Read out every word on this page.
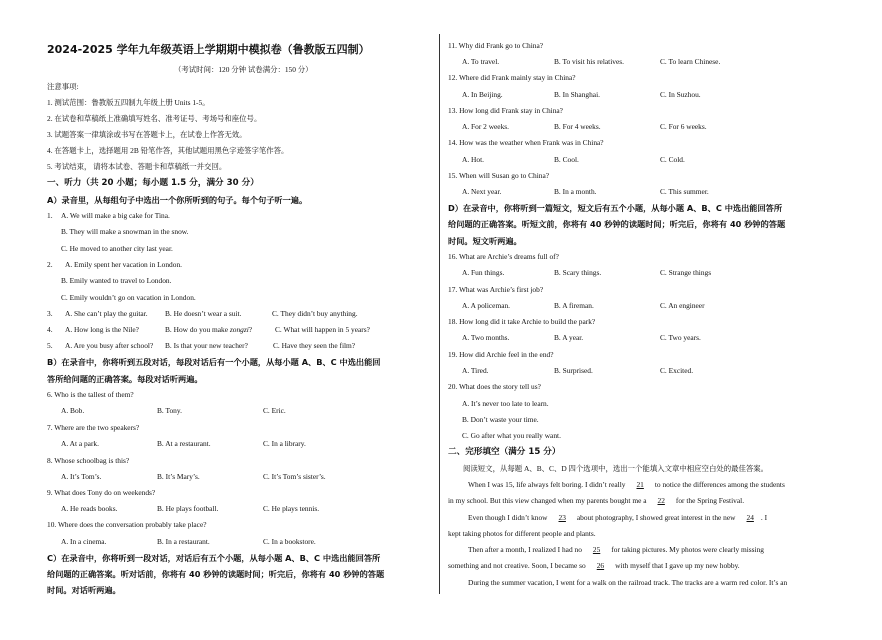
2024-2025 学年九年级英语上学期期中模拟卷（鲁教版五四制）
（考试时间：120 分钟 试卷满分：150 分）
注意事项:
1. 测试范围：鲁教版五四制九年级上册 Units 1-5。
2. 在试卷和草稿纸上准确填写姓名、准考证号、考场号和座位号。
3. 试题答案一律填涂或书写在答题卡上，在试卷上作答无效。
4. 在答题卡上，选择题用 2B 铅笔作答，其他试题用黑色字迹签字笔作答。
5. 考试结束， 请将本试卷、答题卡和草稿纸一并交回。
一、听力（共 20 小题；每小题 1.5 分，满分 30 分）
A）录音里，从每组句子中选出一个你所听到的句子。每个句子听一遍。
1. A. We will make a big cake for Tina.
B. They will make a snowman in the snow.
C. He moved to another city last year.
2. A. Emily spent her vacation in London.
B. Emily wanted to travel to London.
C. Emily wouldn’t go on vacation in London.
3. A. She can’t play the guitar. B. He doesn’t wear a suit.	C. They didn’t buy anything.
4. A. How long is the Nile?	B. How do you make zongzi?	C. What will happen in 5 years?
5. A. Are you busy after school? B. Is that your new teacher?	C. Have they seen the film?
B）在录音中，你将听到五段对话，每段对话后有一个小题，从每小题 A、B、C 中选出能回
答所给问题的正确答案。每段对话听两遍。
6. Who is the tallest of them?
A. Bob.	B. Tony.	C. Eric.
7. Where are the two speakers?
A. At a park.	B. At a restaurant.	C. In a library.
8. Whose schoolbag is this?
A. It’s Tom’s.	B. It’s Mary’s.	C. It’s Tom’s sister’s.
9. What does Tony do on weekends?
A. He reads books.	B. He plays football.	C. He plays tennis.
10. Where does the conversation probably take place?
A. In a cinema.	B. In a restaurant.	C. In a bookstore.
C）在录音中，你将听到一段对话，对话后有五个小题，从每小题 A、B、C 中选出能回答所
给问题的正确答案。听对话前，你将有 40 秒钟的读题时间；听完后，你将有 40 秒钟的答题
时间。对话听两遍。
11. Why did Frank go to China?
A. To travel.	B. To visit his relatives.	C. To learn Chinese.
12. Where did Frank mainly stay in China?
A. In Beijing.	B. In Shanghai.	C. In Suzhou.
13. How long did Frank stay in China?
A. For 2 weeks.	B. For 4 weeks.	C. For 6 weeks.
14. How was the weather when Frank was in China?
A. Hot.	B. Cool.	C. Cold.
15. When will Susan go to China?
A. Next year.	B. In a month.	C. This summer.
D）在录音中，你将听到一篇短文，短文后有五个小题，从每小题 A、B、C 中选出能回答所
给问题的正确答案。听短文前，你将有 40 秒钟的读题时间；听完后，你将有 40 秒钟的答题
时间。短文听两遍。
16. What are Archie’s dreams full of?
A. Fun things.	B. Scary things.	C. Strange things
17. What was Archie’s first job?
A. A policeman.	B. A fireman.	C. An engineer
18. How long did it take Archie to build the park?
A. Two months.	B. A year.	C. Two years.
19. How did Archie feel in the end?
A. Tired.	B. Surprised.	C. Excited.
20. What does the story tell us?
A. It’s never too late to learn.
B. Don’t waste your time.
C. Go after what you really want.
二、完形填空（满分 15 分）
阅读短文，从每题 A、B、C、D 四个选项中，选出一个能填入文章中相应空白处的最佳答案。
When I was 15, life always felt boring. I didn’t really 21 to notice the differences among the students
in my school. But this view changed when my parents bought me a 22 for the Spring Festival.
Even though I didn’t know 23 about photography, I showed great interest in the new 24 . I
kept taking photos for different people and plants.
Then after a month, I realized I had no 25 for taking pictures. My photos were clearly missing
something and not creative. Soon, I became so 26 with myself that I gave up my new hobby.
During the summer vacation, I went for a walk on the railroad track. The tracks are a warm red color. It’s an
